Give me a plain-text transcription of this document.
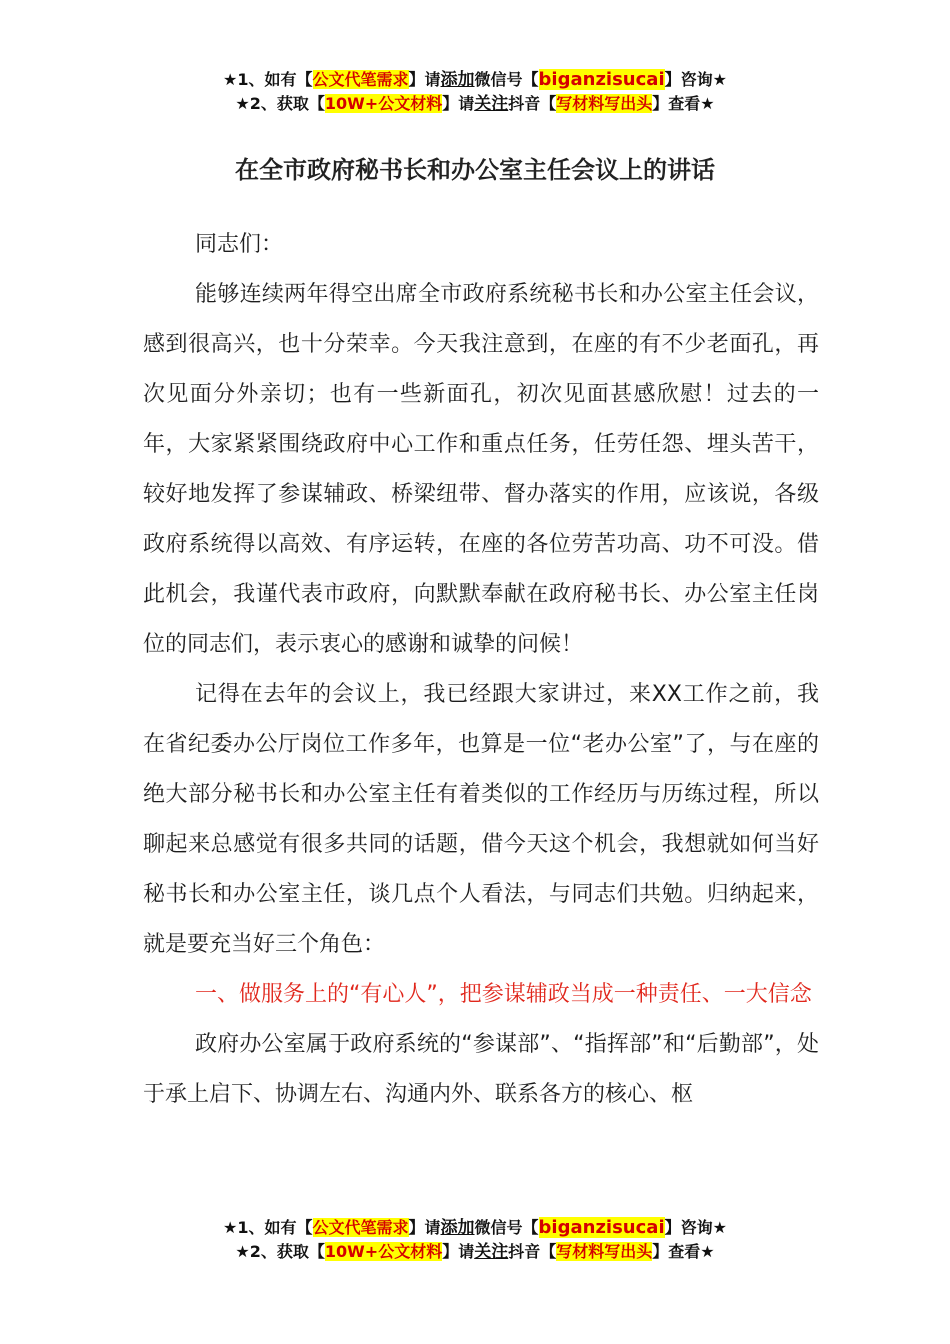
★1、如有【公文代笔需求】请添加微信号【biganzisucai】咨询★
★2、获取【10W+公文材料】请关注抖音【写材料写出头】查看★
在全市政府秘书长和办公室主任会议上的讲话

同志们：

能够连续两年得空出席全市政府系统秘书长和办公室主任会议，感到很高兴，也十分荣幸。今天我注意到，在座的有不少老面孔，再次见面分外亲切；也有一些新面孔，初次见面甚感欣慰！过去的一年，大家紧紧围绕政府中心工作和重点任务，任劳任怨、埋头苦干，较好地发挥了参谋辅政、桥梁纽带、督办落实的作用，应该说，各级政府系统得以高效、有序运转，在座的各位劳苦功高、功不可没。借此机会，我谨代表市政府，向默默奉献在政府秘书长、办公室主任岗位的同志们，表示衷心的感谢和诚挚的问候！

记得在去年的会议上，我已经跟大家讲过，来XX工作之前，我在省纪委办公厅岗位工作多年，也算是一位“老办公室”了，与在座的绝大部分秘书长和办公室主任有着类似的工作经历与历练过程，所以聊起来总感觉有很多共同的话题，借今天这个机会，我想就如何当好秘书长和办公室主任，谈几点个人看法，与同志们共勉。归纳起来，就是要充当好三个角色：

一、做服务上的“有心人”，把参谋辅政当成一种责任、一大信念

政府办公室属于政府系统的“参谋部”、“指挥部”和“后勤部”，处于承上启下、协调左右、沟通内外、联系各方的核心、枢

★1、如有【公文代笔需求】请添加微信号【biganzisucai】咨询★
★2、获取【10W+公文材料】请关注抖音【写材料写出头】查看★
